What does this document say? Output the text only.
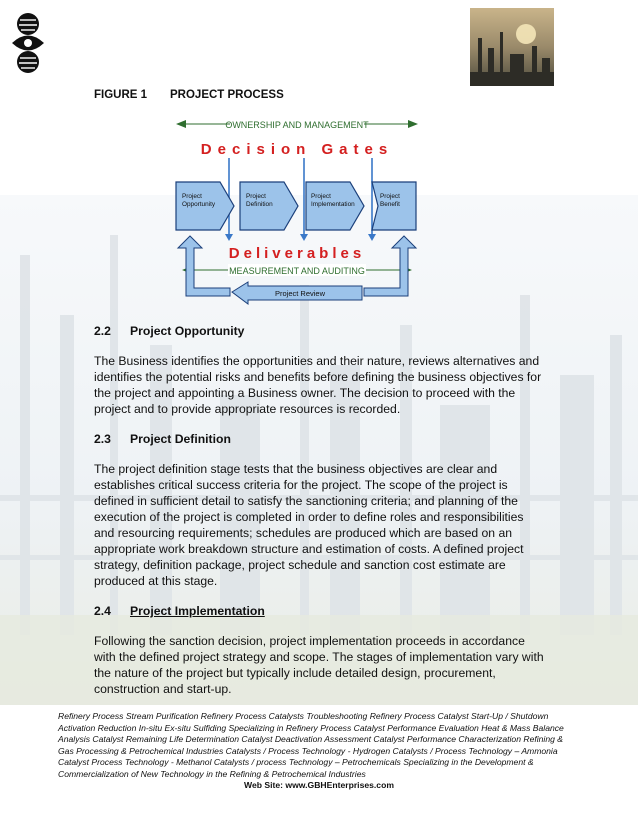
FIGURE 1 PROJECT PROCESS
OWNERSHIP AND MANAGEMENT
Decision Gates
Project Opportunity
Project Definition
Project Implementation
Project Benefit
Deliverables
MEASUREMENT AND AUDITING
Project Review
2.2 Project Opportunity

The Business identifies the opportunities and their nature, reviews alternatives and identifies the potential risks and benefits before defining the business objectives for the project and appointing a Business owner. The decision to proceed with the project and to provide appropriate resources is recorded.

2.3 Project Definition

The project definition stage tests that the business objectives are clear and establishes critical success criteria for the project. The scope of the project is defined in sufficient detail to satisfy the sanctioning criteria; and planning of the execution of the project is completed in order to define roles and responsibilities and resourcing requirements; schedules are produced which are based on an appropriate work breakdown structure and estimation of costs. A defined project strategy, definition package, project schedule and sanction cost estimate are produced at this stage.

2.4 Project Implementation

Following the sanction decision, project implementation proceeds in accordance with the defined project strategy and scope. The stages of implementation vary with the nature of the project but typically include detailed design, procurement, construction and start-up.

Refinery Process Stream Purification Refinery Process Catalysts Troubleshooting Refinery Process Catalyst Start-Up / Shutdown Activation Reduction In-situ Ex-situ Sulfiding Specializing in Refinery Process Catalyst Performance Evaluation Heat & Mass Balance Analysis Catalyst Remaining Life Determination Catalyst Deactivation Assessment Catalyst Performance Characterization Refining & Gas Processing & Petrochemical Industries Catalysts / Process Technology - Hydrogen Catalysts / Process Technology – Ammonia Catalyst Process Technology - Methanol Catalysts / process Technology – Petrochemicals Specializing in the Development & Commercialization of New Technology in the Refining & Petrochemical Industries
Web Site: www.GBHEnterprises.com
